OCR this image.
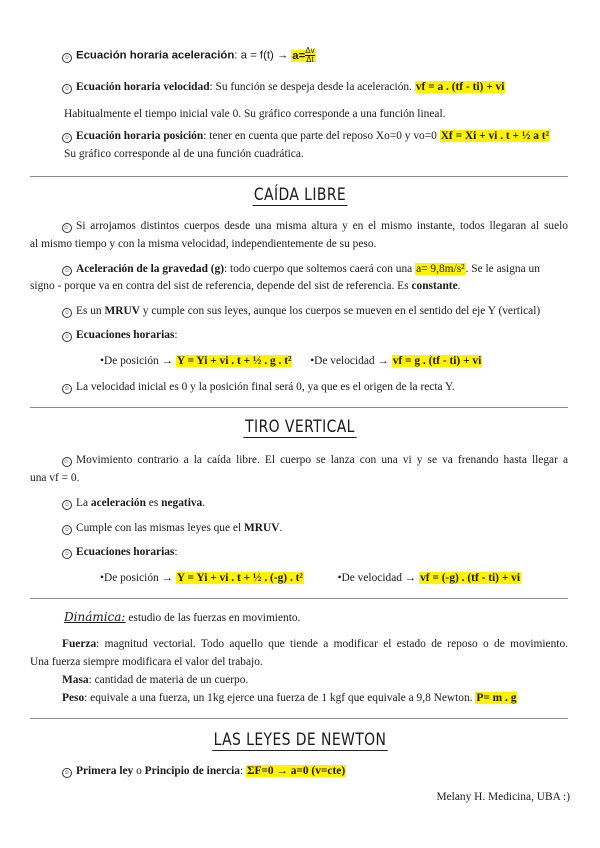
☺ Ecuación horaria aceleración: $a = f(t) \to a= \frac{\Delta v}{\Delta t}$
☺ Ecuación horaria velocidad: Su función se despeja desde la aceleración. vf = a . (tf - ti) + vi
Habitualmente el tiempo inicial vale 0. Su gráfico corresponde a una función lineal.
☺ Ecuación horaria posición: tener en cuenta que parte del reposo Xo=0 y vo=0 Xf = Xi + vi . t + ½ a t²
Su gráfico corresponde al de una función cuadrática.
CAÍDA LIBRE
☺ Si arrojamos distintos cuerpos desde una misma altura y en el mismo instante, todos llegaran al suelo
al mismo tiempo y con la misma velocidad, independientemente de su peso.
☺ Aceleración de la gravedad (g): todo cuerpo que soltemos caerá con una a= 9,8m/s². Se le asigna un
signo - porque va en contra del sist de referencia, depende del sist de referencia. Es constante.
☺ Es un MRUV y cumple con sus leyes, aunque los cuerpos se mueven en el sentido del eje Y (vertical)
☺ Ecuaciones horarias:
•De posición → Y = Yi + vi . t + ½ . g . t² •De velocidad → vf = g . (tf - ti) + vi
☺ La velocidad inicial es 0 y la posición final será 0, ya que es el origen de la recta Y.
TIRO VERTICAL
☺ Movimiento contrario a la caída libre. El cuerpo se lanza con una vi y se va frenando hasta llegar a
una vf = 0.
☺ La aceleración es negativa.
☺ Cumple con las mismas leyes que el MRUV.
☺ Ecuaciones horarias:
•De posición → Y = Yi + vi . t + ½ . (-g) . t²	•De velocidad → vf = (-g) . (tf - ti) + vi
Dinámica: estudio de las fuerzas en movimiento.
Fuerza: magnitud vectorial. Todo aquello que tiende a modificar el estado de reposo o de movimiento.
Una fuerza siempre modificara el valor del trabajo.
Masa: cantidad de materia de un cuerpo.
Peso: equivale a una fuerza, un 1kg ejerce una fuerza de 1 kgf que equivale a 9,8 Newton. P= m . g
LAS LEYES DE NEWTON
☺ Primera ley o Principio de inercia: ΣF=0 → a=0 (v=cte)
Melany H. Medicina, UBA :)
